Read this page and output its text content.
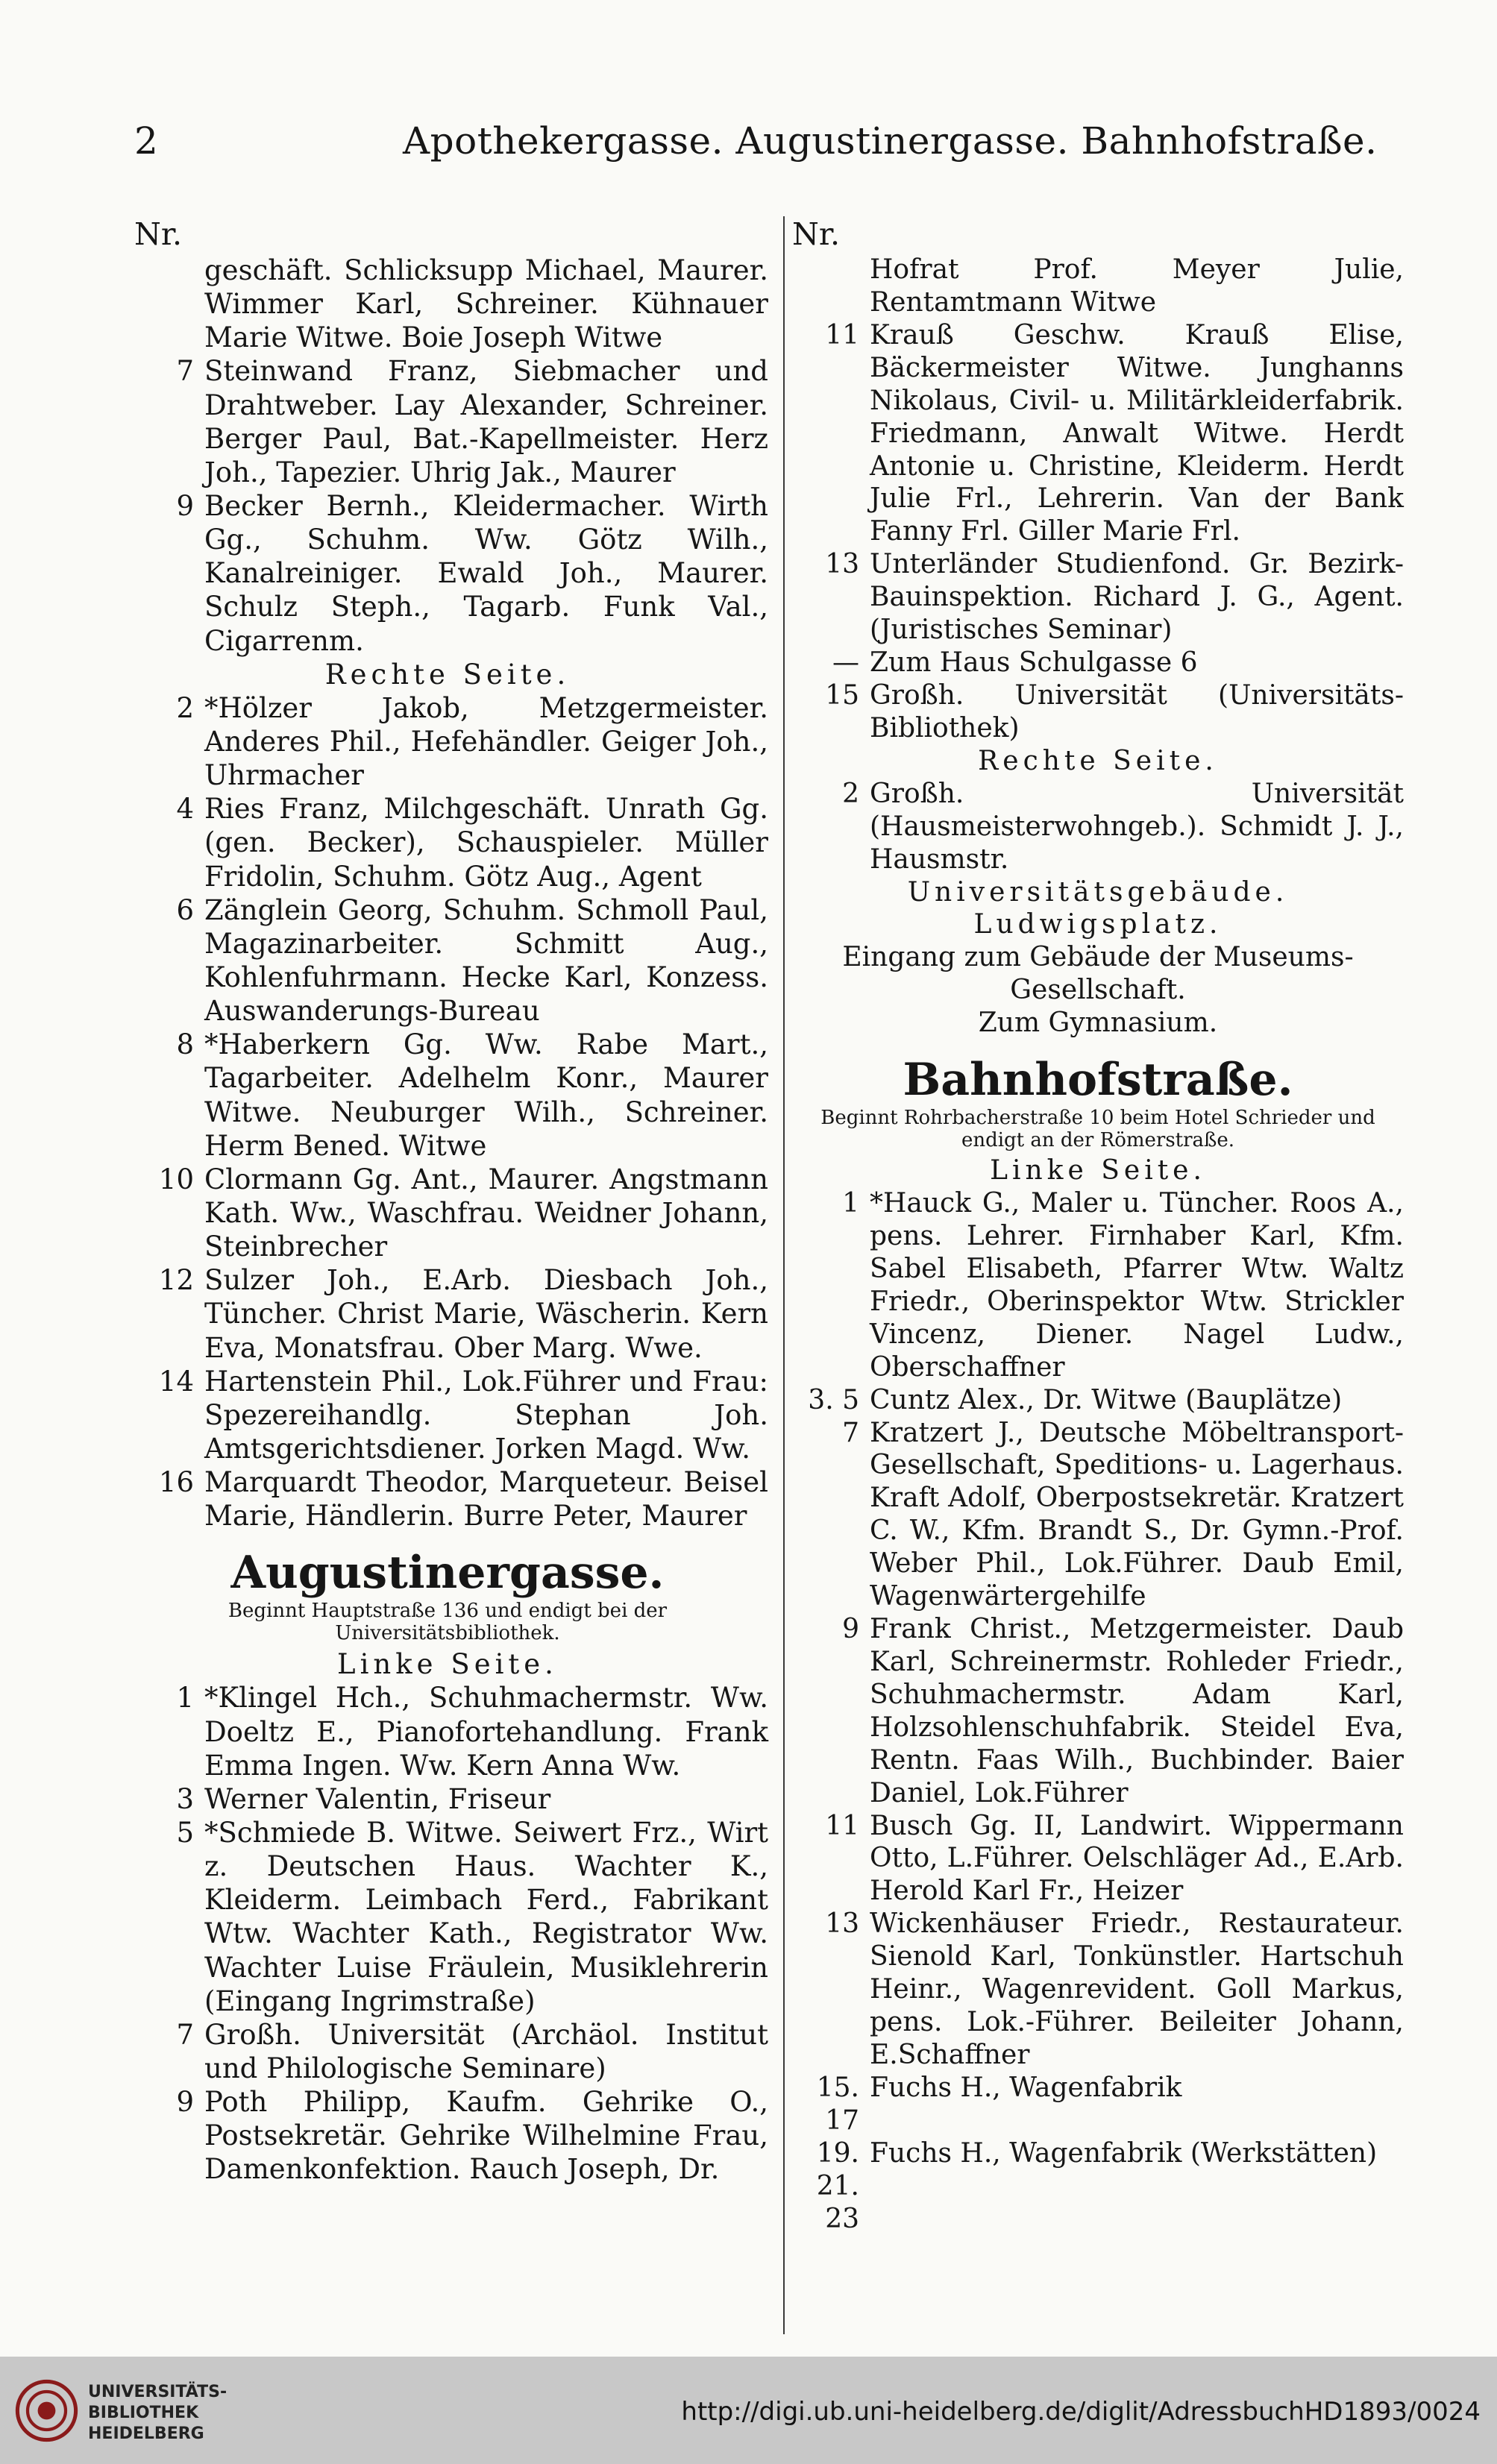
2	Apothekergasse. Augustinergasse. Bahnhofstraße.
Nr.	Nr.
geschäft. Schlicksupp Michael, Maurer. Wimmer Karl, Schreiner. Kühnauer Marie Witwe. Boie Joseph Witwe
7 Steinwand Franz, Siebmacher und Drahtweber. Lay Alexander, Schreiner. Berger Paul, Bat.-Kapellmeister. Herz Joh., Tapezier. Uhrig Jak., Maurer
9 Becker Bernh., Kleidermacher. Wirth Gg., Schuhm. Ww. Götz Wilh., Kanalreiniger. Ewald Joh., Maurer. Schulz Steph., Tagarb. Funk Val., Cigarrenm.
Rechte Seite.
2 *Hölzer Jakob, Metzgermeister. Anderes Phil., Hefehändler. Geiger Joh., Uhrmacher
4 Ries Franz, Milchgeschäft. Unrath Gg. (gen. Becker), Schauspieler. Müller Fridolin, Schuhm. Götz Aug., Agent
6 Zänglein Georg, Schuhm. Schmoll Paul, Magazinarbeiter. Schmitt Aug., Kohlenfuhrmann. Hecke Karl, Konzess. Auswanderungs-Bureau
8 *Haberkern Gg. Ww. Rabe Mart., Tagarbeiter. Adelhelm Konr., Maurer Witwe. Neuburger Wilh., Schreiner. Herm Bened. Witwe
10 Clormann Gg. Ant., Maurer. Angstmann Kath. Ww., Waschfrau. Weidner Johann, Steinbrecher
12 Sulzer Joh., E.Arb. Diesbach Joh., Tüncher. Christ Marie, Wäscherin. Kern Eva, Monatsfrau. Ober Marg. Wwe.
14 Hartenstein Phil., Lok.Führer und Frau: Spezereihandlg. Stephan Joh. Amtsgerichtsdiener. Jorken Magd. Ww.
16 Marquardt Theodor, Marqueteur. Beisel Marie, Händlerin. Burre Peter, Maurer
Augustinergasse.
Beginnt Hauptstraße 136 und endigt bei der Universitätsbibliothek.
Linke Seite.
1 *Klingel Hch., Schuhmachermstr. Ww. Doeltz E., Pianofortehandlung. Frank Emma Ingen. Ww. Kern Anna Ww.
3 Werner Valentin, Friseur
5 *Schmiede B. Witwe. Seiwert Frz., Wirt z. Deutschen Haus. Wachter K., Kleiderm. Leimbach Ferd., Fabrikant Wtw. Wachter Kath., Registrator Ww. Wachter Luise Fräulein, Musiklehrerin (Eingang Ingrimstraße)
7 Großh. Universität (Archäol. Institut und Philologische Seminare)
9 Poth Philipp, Kaufm. Gehrike O., Postsekretär. Gehrike Wilhelmine Frau, Damenkonfektion. Rauch Joseph, Dr.
Hofrat Prof. Meyer Julie, Rentamtmann Witwe
11 Krauß Geschw. Krauß Elise, Bäckermeister Witwe. Junghanns Nikolaus, Civil- u. Militärkleiderfabrik. Friedmann, Anwalt Witwe. Herdt Antonie u. Christine, Kleiderm. Herdt Julie Frl., Lehrerin. Van der Bank Fanny Frl. Giller Marie Frl.
13 Unterländer Studienfond. Gr. Bezirk-Bauinspektion. Richard J. G., Agent. (Juristisches Seminar)
— Zum Haus Schulgasse 6
15 Großh. Universität (Universitäts-Bibliothek)
Rechte Seite.
2 Großh. Universität (Hausmeisterwohngeb.). Schmidt J. J., Hausmstr.
Universitätsgebäude.
Ludwigsplatz.
Eingang zum Gebäude der Museums-Gesellschaft.
Zum Gymnasium.
Bahnhofstraße.
Beginnt Rohrbacherstraße 10 beim Hotel Schrieder und endigt an der Römerstraße.
Linke Seite.
1 *Hauck G., Maler u. Tüncher. Roos A., pens. Lehrer. Firnhaber Karl, Kfm. Sabel Elisabeth, Pfarrer Wtw. Waltz Friedr., Oberinspektor Wtw. Strickler Vincenz, Diener. Nagel Ludw., Oberschaffner
3. 5 Cuntz Alex., Dr. Witwe (Bauplätze)
7 Kratzert J., Deutsche Möbeltransport-Gesellschaft, Speditions- u. Lagerhaus. Kraft Adolf, Oberpostsekretär. Kratzert C. W., Kfm. Brandt S., Dr. Gymn.-Prof. Weber Phil., Lok.Führer. Daub Emil, Wagenwärtergehilfe
9 Frank Christ., Metzgermeister. Daub Karl, Schreinermstr. Rohleder Friedr., Schuhmachermstr. Adam Karl, Holzsohlenschuhfabrik. Steidel Eva, Rentn. Faas Wilh., Buchbinder. Baier Daniel, Lok.Führer
11 Busch Gg. II, Landwirt. Wippermann Otto, L.Führer. Oelschläger Ad., E.Arb. Herold Karl Fr., Heizer
13 Wickenhäuser Friedr., Restaurateur. Sienold Karl, Tonkünstler. Hartschuh Heinr., Wagenrevident. Goll Markus, pens. Lok.-Führer. Beileiter Johann, E.Schaffner
15. 17
Fuchs H., Wagenfabrik
19. 21. 23
Fuchs H., Wagenfabrik (Werkstätten)
UNIVERSITÄTS-
BIBLIOTHEK
HEIDELBERG
http://digi.ub.uni-heidelberg.de/diglit/AdressbuchHD1893/0024
